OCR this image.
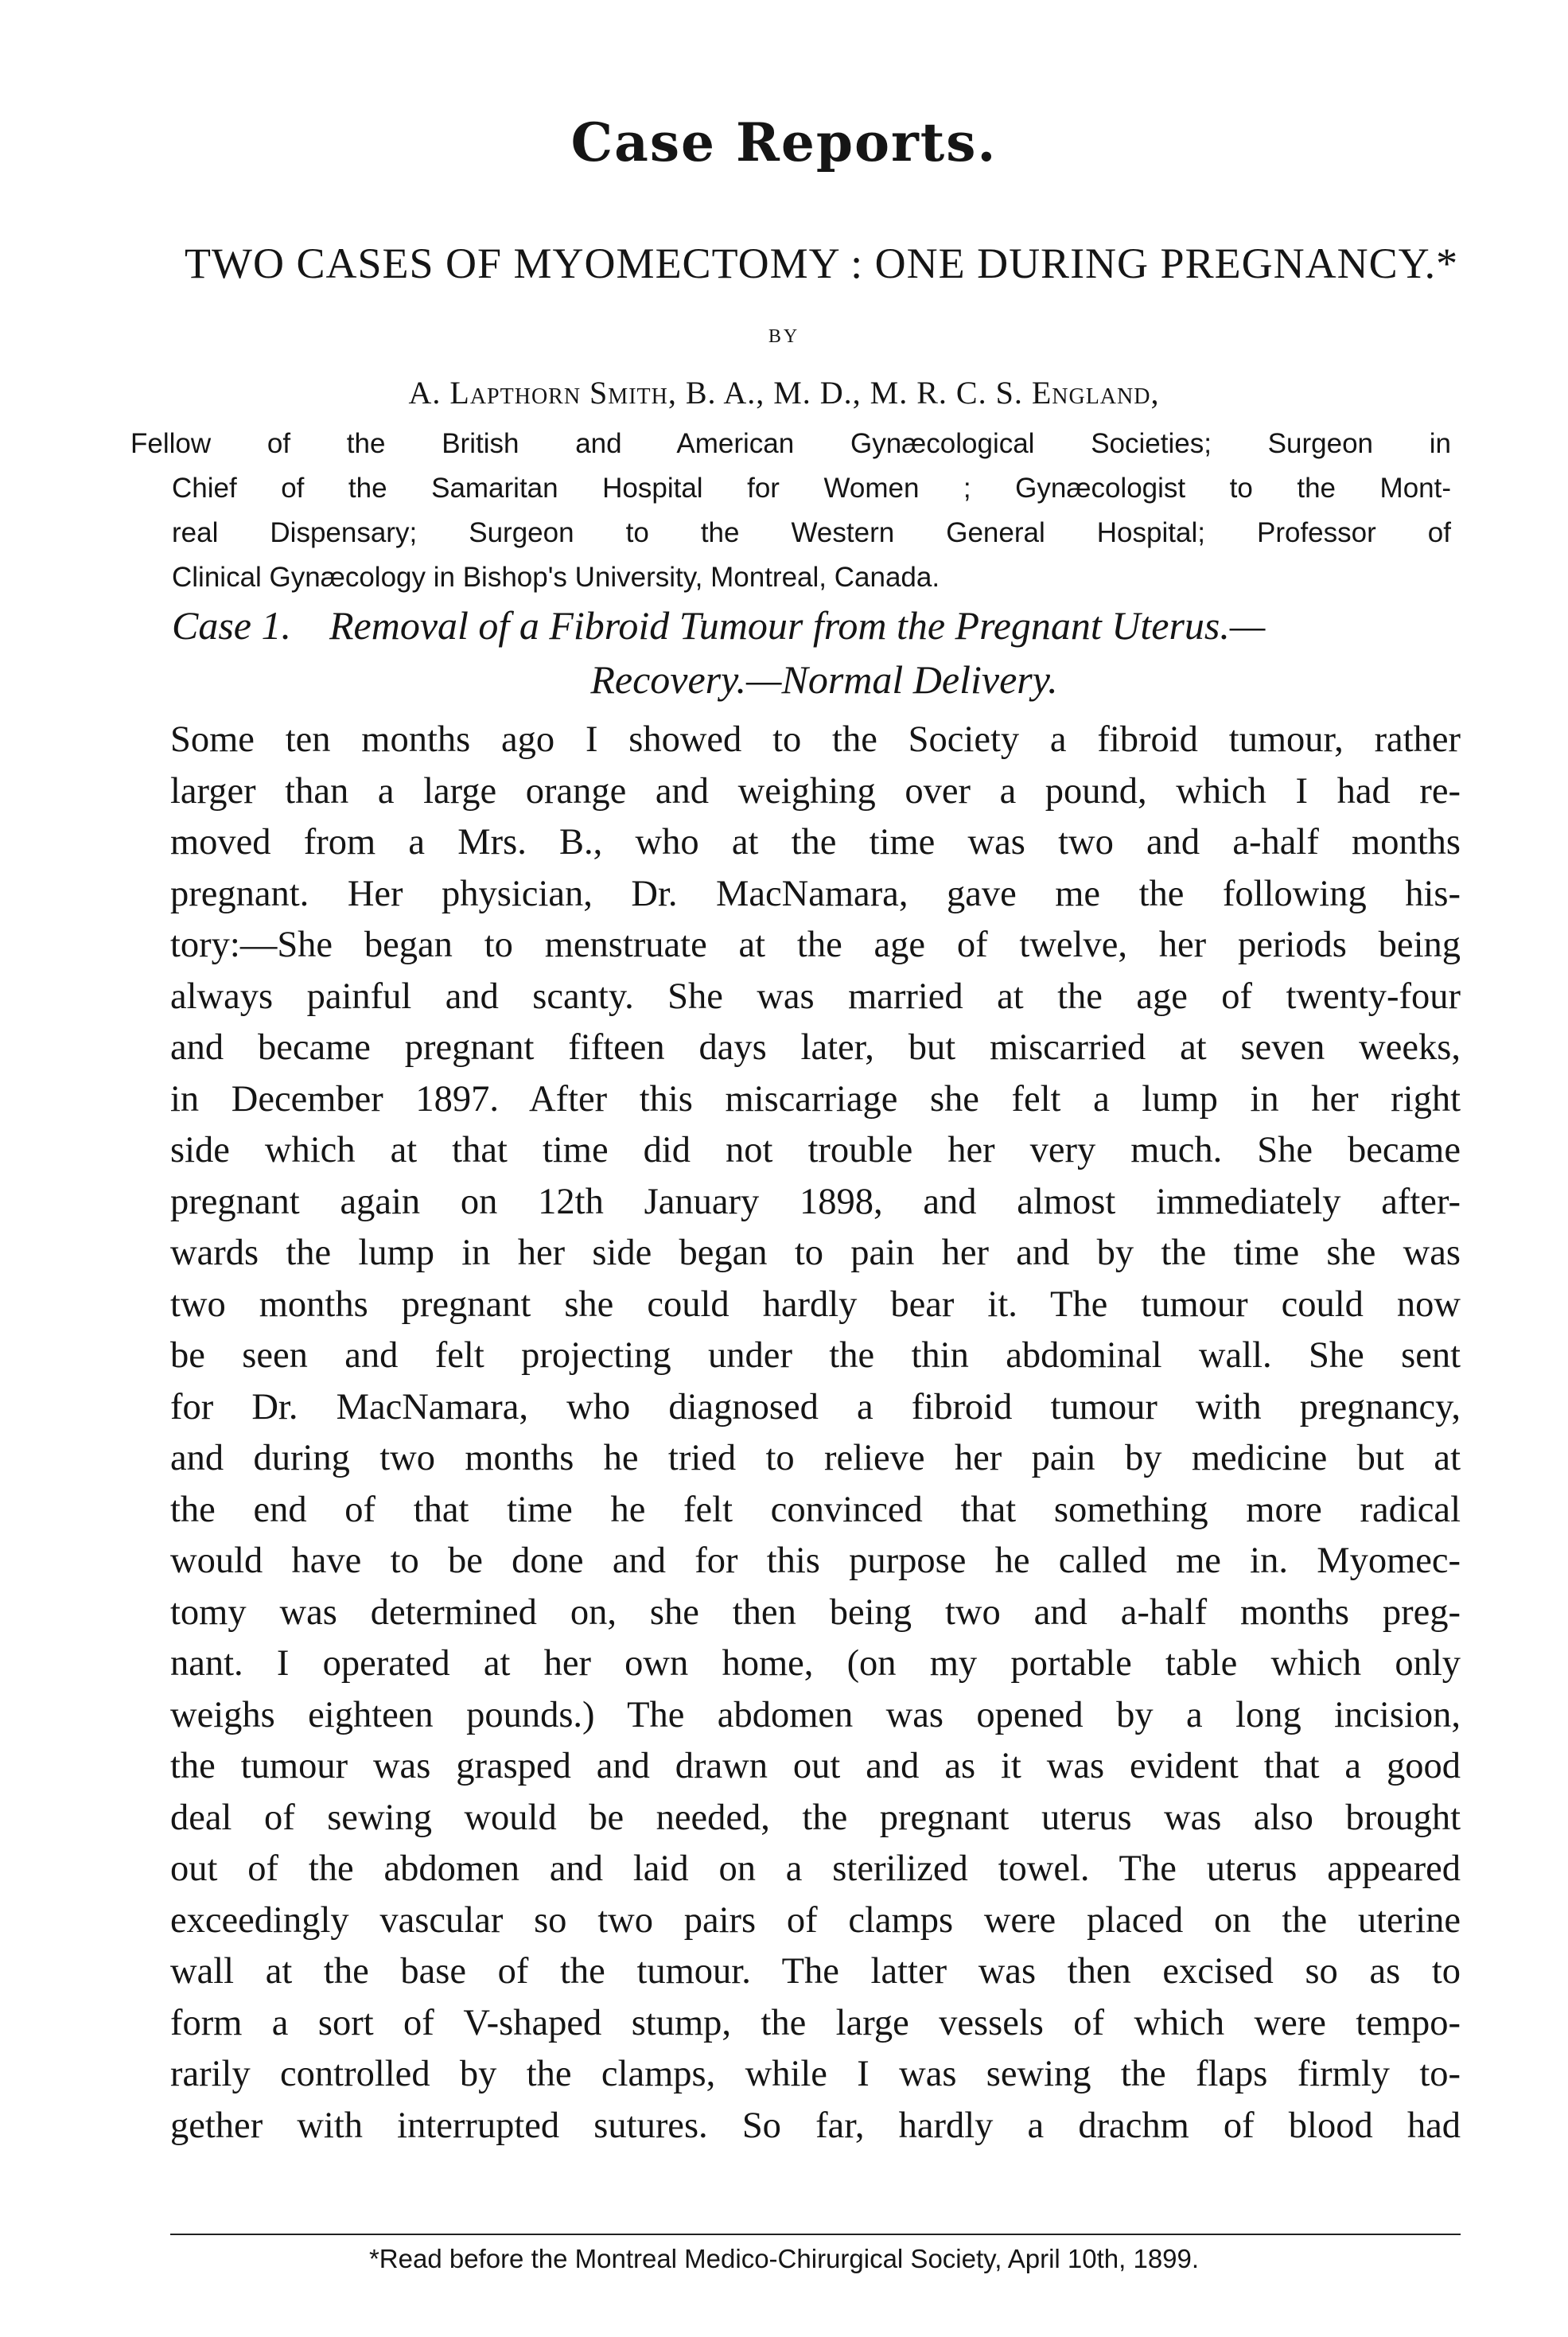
Case Reports.
TWO CASES OF MYOMECTOMY : ONE DURING PREGNANCY.*
BY
A. Lapthorn Smith, B. A., M. D., M. R. C. S. England,
Fellow of the British and American Gynæcological Societies; Surgeon in
Chief of the Samaritan Hospital for Women ; Gynæcologist to the Mont-
real Dispensary; Surgeon to the Western General Hospital; Professor of
Clinical Gynæcology in Bishop's University, Montreal, Canada.
Case 1. Removal of a Fibroid Tumour from the Pregnant Uterus.—
Recovery.—Normal Delivery.
Some ten months ago I showed to the Society a fibroid tumour, rather
larger than a large orange and weighing over a pound, which I had re-
moved from a Mrs. B., who at the time was two and a-half months
pregnant. Her physician, Dr. MacNamara, gave me the following his-
tory:—She began to menstruate at the age of twelve, her periods being
always painful and scanty. She was married at the age of twenty-four
and became pregnant fifteen days later, but miscarried at seven weeks,
in December 1897. After this miscarriage she felt a lump in her right
side which at that time did not trouble her very much. She became
pregnant again on 12th January 1898, and almost immediately after-
wards the lump in her side began to pain her and by the time she was
two months pregnant she could hardly bear it. The tumour could now
be seen and felt projecting under the thin abdominal wall. She sent
for Dr. MacNamara, who diagnosed a fibroid tumour with pregnancy,
and during two months he tried to relieve her pain by medicine but at
the end of that time he felt convinced that something more radical
would have to be done and for this purpose he called me in. Myomec-
tomy was determined on, she then being two and a-half months preg-
nant. I operated at her own home, (on my portable table which only
weighs eighteen pounds.) The abdomen was opened by a long incision,
the tumour was grasped and drawn out and as it was evident that a good
deal of sewing would be needed, the pregnant uterus was also brought
out of the abdomen and laid on a sterilized towel. The uterus appeared
exceedingly vascular so two pairs of clamps were placed on the uterine
wall at the base of the tumour. The latter was then excised so as to
form a sort of V-shaped stump, the large vessels of which were tempo-
rarily controlled by the clamps, while I was sewing the flaps firmly to-
gether with interrupted sutures. So far, hardly a drachm of blood had
*Read before the Montreal Medico-Chirurgical Society, April 10th, 1899.
